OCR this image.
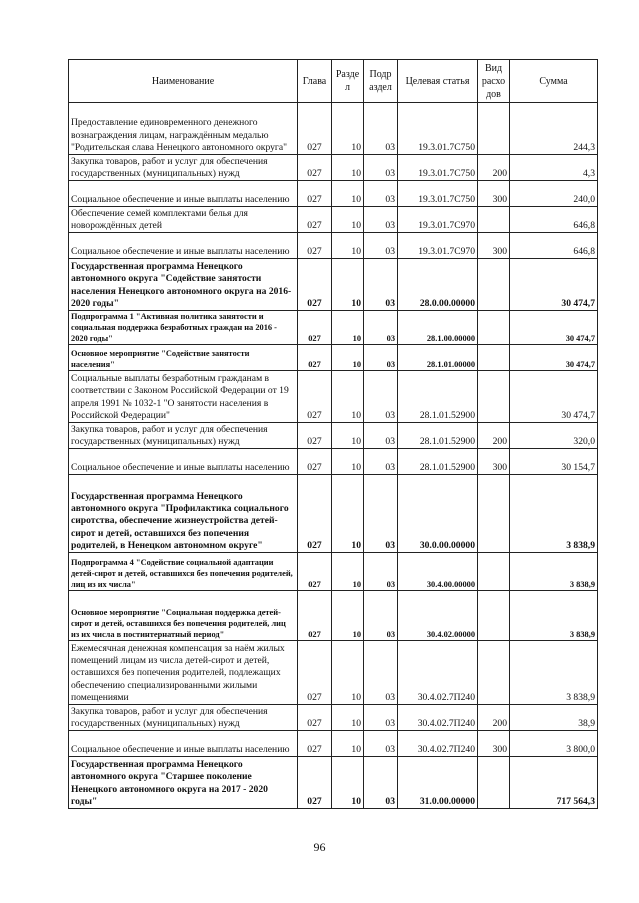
Наименование	Глава	Разде л	Подр аздел	Целевая статья	Вид расхо дов	Сумма
Предоставление единовременного денежного вознаграждения лицам, награждённым медалью "Родительская слава Ненецкого автономного округа"	027	10	03	19.3.01.7С750		244,3
Закупка товаров, работ и услуг для обеспечения государственных (муниципальных) нужд	027	10	03	19.3.01.7С750	200	4,3
Социальное обеспечение и иные выплаты населению	027	10	03	19.3.01.7С750	300	240,0
Обеспечение семей комплектами белья для новорождённых детей	027	10	03	19.3.01.7С970		646,8
Социальное обеспечение и иные выплаты населению	027	10	03	19.3.01.7С970	300	646,8
Государственная программа Ненецкого автономного округа "Содействие занятости населения Ненецкого автономного округа на 2016-2020 годы"	027	10	03	28.0.00.00000		30 474,7
Подпрограмма 1 "Активная политика занятости и социальная поддержка безработных граждан на 2016 - 2020 годы"	027	10	03	28.1.00.00000		30 474,7
Основное мероприятие "Содействие занятости населения"	027	10	03	28.1.01.00000		30 474,7
Социальные выплаты безработным гражданам в соответствии с Законом Российской Федерации от 19 апреля 1991 № 1032-1 "О занятости населения в Российской Федерации"	027	10	03	28.1.01.52900		30 474,7
Закупка товаров, работ и услуг для обеспечения государственных (муниципальных) нужд	027	10	03	28.1.01.52900	200	320,0
Социальное обеспечение и иные выплаты населению	027	10	03	28.1.01.52900	300	30 154,7
Государственная программа Ненецкого автономного округа "Профилактика социального сиротства, обеспечение жизнеустройства детей-сирот и детей, оставшихся без попечения родителей, в Ненецком автономном округе"	027	10	03	30.0.00.00000		3 838,9
Подпрограмма 4 "Содействие социальной адаптации детей-сирот и детей, оставшихся без попечения родителей, лиц из их числа"	027	10	03	30.4.00.00000		3 838,9
Основное мероприятие "Социальная поддержка детей-сирот и детей, оставшихся без попечения родителей, лиц из их числа в постинтернатный период"	027	10	03	30.4.02.00000		3 838,9
Ежемесячная денежная компенсация за наём жилых помещений лицам из числа детей-сирот и детей, оставшихся без попечения родителей, подлежащих обеспечению специализированными жилыми помещениями	027	10	03	30.4.02.7П240		3 838,9
Закупка товаров, работ и услуг для обеспечения государственных (муниципальных) нужд	027	10	03	30.4.02.7П240	200	38,9
Социальное обеспечение и иные выплаты населению	027	10	03	30.4.02.7П240	300	3 800,0
Государственная программа Ненецкого автономного округа "Старшее поколение Ненецкого автономного округа на 2017 - 2020 годы"	027	10	03	31.0.00.00000		717 564,3
96
